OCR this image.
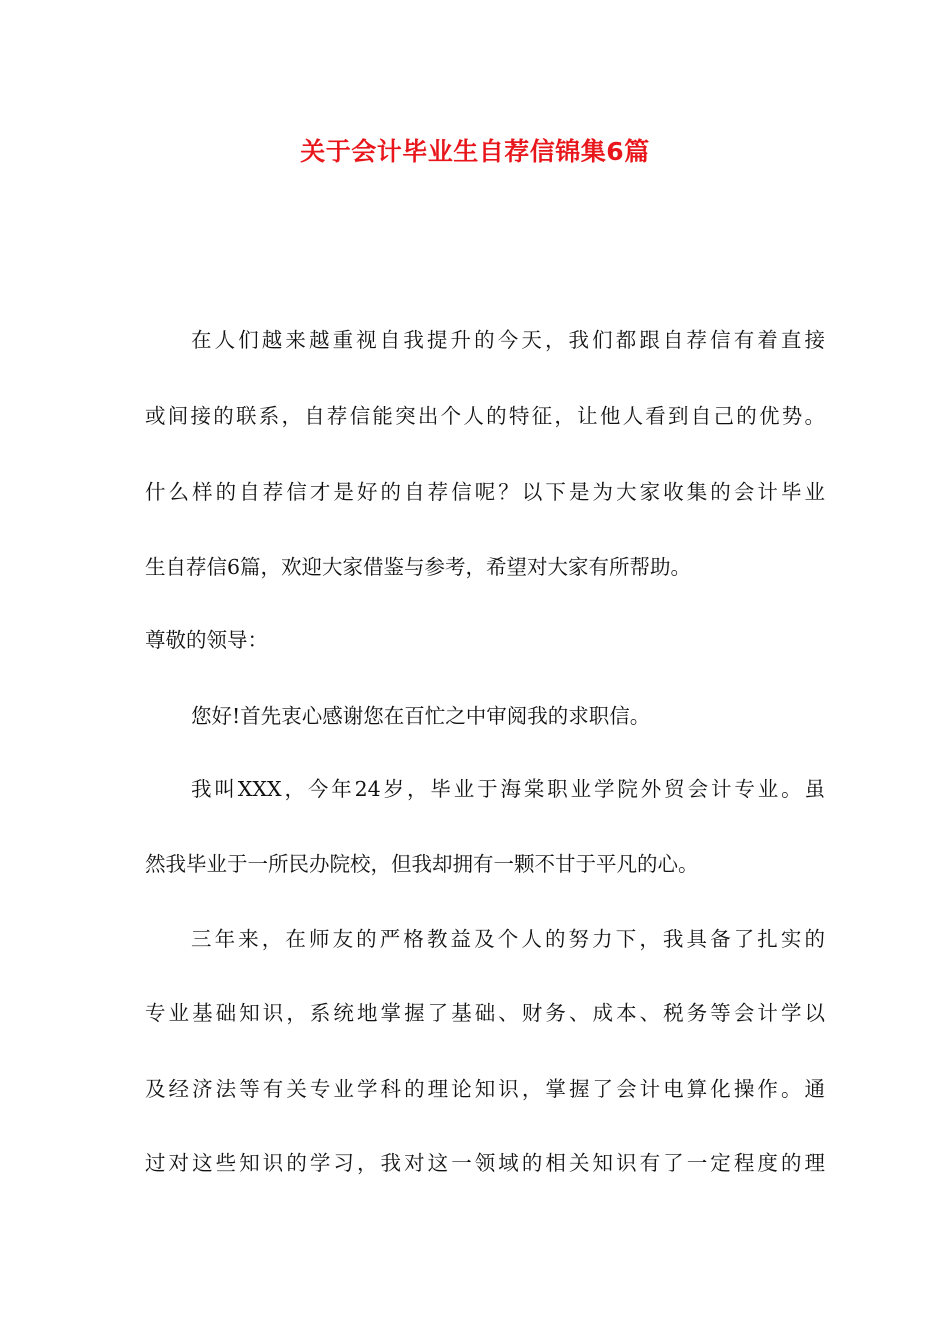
关于会计毕业生自荐信锦集6篇
在人们越来越重视自我提升的今天，我们都跟自荐信有着直接
或间接的联系，自荐信能突出个人的特征，让他人看到自己的优势。
什么样的自荐信才是好的自荐信呢？以下是为大家收集的会计毕业
生自荐信6篇，欢迎大家借鉴与参考，希望对大家有所帮助。
尊敬的领导：
您好!首先衷心感谢您在百忙之中审阅我的求职信。
我叫XXX，今年24岁，毕业于海棠职业学院外贸会计专业。虽
然我毕业于一所民办院校，但我却拥有一颗不甘于平凡的心。
三年来，在师友的严格教益及个人的努力下，我具备了扎实的
专业基础知识，系统地掌握了基础、财务、成本、税务等会计学以
及经济法等有关专业学科的理论知识，掌握了会计电算化操作。通
过对这些知识的学习，我对这一领域的相关知识有了一定程度的理
